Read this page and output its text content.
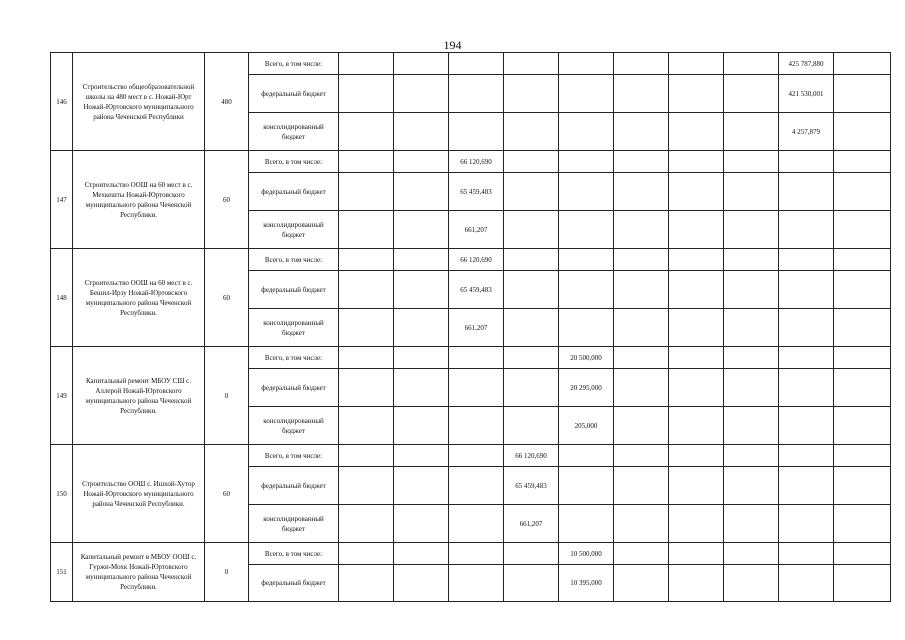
194
146	Строительство общеобразовательной школы на 480 мест в с. Ножай-Юрт Ножай-Юртовского муниципального района Чеченской Республики	480	Всего, в том числе:									425 787,880	
			федеральный бюджет									421 530,001	
			консолидированный бюджет									4 257,879	
147	Строительство ООШ на 60 мест в с. Мехкешты Ножай-Юртовского муниципального района Чеченской Республики.	60	Всего, в том числе:			66 120,690							
			федеральный бюджет			65 459,483							
			консолидированный бюджет			661,207							
148	Строительство ООШ на 60 мест в с. Бешил-Ирзу Ножай-Юртовского муниципального района Чеченской Республики.	60	Всего, в том числе:			66 120,690							
			федеральный бюджет			65 459,483							
			консолидированный бюджет			661,207							
149	Капитальный ремонт МБОУ СШ с. Аллерой Ножай-Юртовского муниципального района Чеченской Республики.	0	Всего, в том числе:					20 500,000					
			федеральный бюджет					20 295,000					
			консолидированный бюджет					205,000					
150	Строительство ООШ с. Ишхой-Хутор Ножай-Юртовского муниципального района Чеченской Республики.	60	Всего, в том числе:				66 120,690						
			федеральный бюджет				65 459,483						
			консолидированный бюджет				661,207						
151	Капитальный ремонт в МБОУ ООШ с. Гуржи-Мохк Ножай-Юртовского муниципального района Чеченской Республики.	0	Всего, в том числе:					10 500,000					
			федеральный бюджет					10 395,000					
